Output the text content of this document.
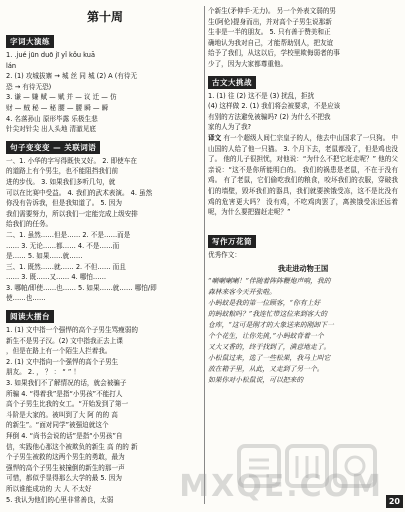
第十周
字词大演练
1. .jué jūn duō jī yǐ kǒu kuā
lán
2. (1) 攻城拔寨 → 城 丝 同 城 (2) A (有待无
恐 → 有待无恐)
3. 谦 — 嫌 赋 — 赋 并 — 议 迁 — 仿
财 — 贼 秘 — 秘 腰 — 腰 瞬 — 瞬
4. 名落孙山 原形毕露 乐极生悲
针尖对针尖 出人头地 清澈见底
句子变变变 — 关联词语
一、1. 小华的字写得既快又好。 2. 即使车在
的道路上有个男生，也不能阻挡我们前
进的步伐。 3. 如果我们多听几句，就
可以在比赛中受益。 4. 我们的武术表演。 4. 虽然
你没有告诉我，但是我知道了。 5. 因为
我们需要努力，所以我们一定能完成上级安排
给我们的任务。
二、1. 虽然……但是…… 2. 不是……而是
…… 3. 无论……都…… 4. 不是……而
是…… 5. 如果……就……
三、1. 既然……就…… 2. 不但…… 而且
…… 3. 既……又…… 4. 哪怕……
3. 哪帕/即使……也…… 5. 如果……就…… 哪怕/即
使……也……
阅读大擂台
1. (1) 文中指一个强悍的高个子男生骂瘦弱的
新生不是男子汉。(2) 文中指我正去上课
，但是在路上有一个陌生人拦着我。
2. (1) 文中指向一个强悍的高个子男生
朋友。 2. ， ？ ： “ ” ！
3. 如果我们不了解情况的话，就会被骗子
所骗 4. “得着我”是指“小男孩”不能打人
高个子男生比我的女工。“开始发到了第一
斗阶是大家的。被叫到了大 阿 的的 高
的新生”。“面对同学”被强迫就这个
拜倒 4. “尚书会说的话”是指“小男孩”自
信，实践他心那这个被欺负的新生 高 的的 新
个子男生被救的这两个男生的勇敢，最为
强悍的高个子男生被撞倒的新生的那一声
可惜，都似乎显得那么大学的最 5. 因为
所以谁能成功的 大 人 不太好
5. 我认为他们的心里非常善良，太弱
个新生(矛伸手·无力)。 另一个外表文弱的男
生(阿伦)提身而出，并对高个子男生说那新
生非是一半的朋友。 5. 只有善于赞美和正
确地认为我对自己，才能帮助别人，把友谊
给予了我们，从这以后，学校里欺侮弱者的事
少了，因为大家都尊重他。
古文大挑战
1. (1) 往 (2) 这不是 (3) 扰乱，拒扰
(4) 这样做 2. (1) 我们将会被要求，不是应该
有别的方法避免被骗吗? (2) 为什么不把我
家的人为了我?
译文 有一个超级人间仁宗皇子的人，他去中山国求了一只狗。 中山国的人给了他一只猫。 3. 个月下去，老鼠都没了，但是鸡也没了。 他的儿子很担忧，对他说：“为什么不把它赶走呢？” 他的父亲说：“这不是你所能明白的。 我们的祸患是老鼠，不在于没有鸡。 有了老鼠，它们偷吃我们的粮食，咬坏我们的衣服，穿破我们的墙壁，毁坏我们的器具，我们就要挨饿受冻，这不是比没有鸡的危害更大吗？ 没有鸡，不吃鸡肉罢了，离挨饿受冻还远着呢，为什么要把猫赶走呢？”
写作万花筒
优秀作文：
我走进动物王国
“喇喇喇喇！”伴随着阵阵鞭炮声响，我的
森林来客今天开张啦。
小蚂蚁是我的第一位顾客，“你有上好
的蚂蚁粮吗？”我连忙带这位来到客大的
仓库，“这可是刚才的大象送来的刚卸下一
个个花生，让你先挑，”小蚂蚁背着一个
又大又香的，终于找到了，满意地走了。
小松鼠过来，选了一些松果，我马上叫它
放在箱子里，从此，又走到了另一个。
如果你对小松鼠说，可以把来的
MXQE.COM 20
